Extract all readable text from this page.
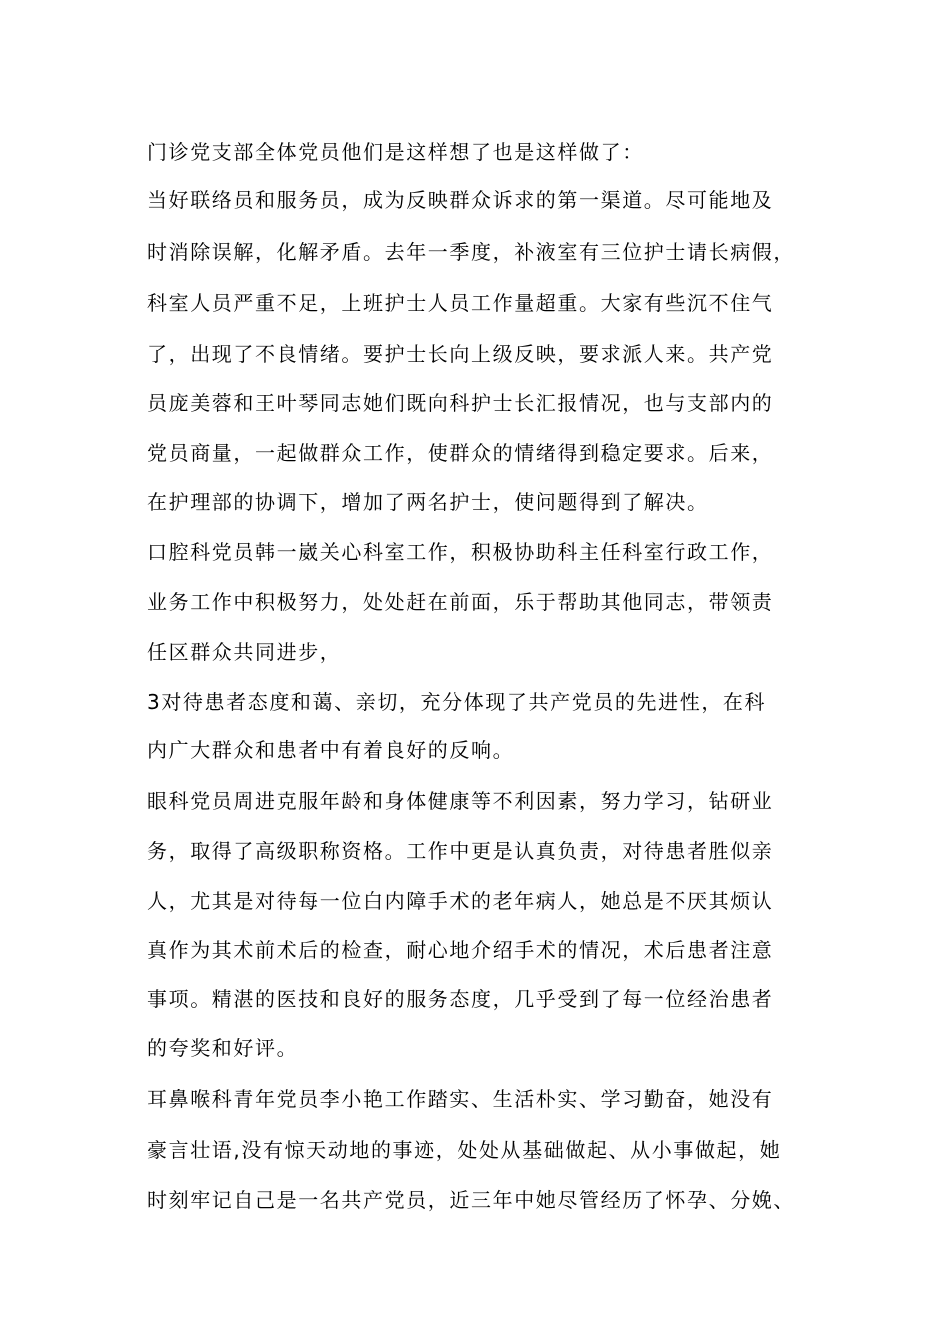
门诊党支部全体党员他们是这样想了也是这样做了：
当好联络员和服务员，成为反映群众诉求的第一渠道。尽可能地及
时消除误解，化解矛盾。去年一季度，补液室有三位护士请长病假，
科室人员严重不足，上班护士人员工作量超重。大家有些沉不住气
了，出现了不良情绪。要护士长向上级反映，要求派人来。共产党
员庞美蓉和王叶琴同志她们既向科护士长汇报情况，也与支部内的
党员商量，一起做群众工作，使群众的情绪得到稳定要求。后来，
在护理部的协调下，增加了两名护士，使问题得到了解决。
口腔科党员韩一崴关心科室工作，积极协助科主任科室行政工作，
业务工作中积极努力，处处赶在前面，乐于帮助其他同志，带领责
任区群众共同进步，
3对待患者态度和蔼、亲切，充分体现了共产党员的先进性，在科
内广大群众和患者中有着良好的反响。
眼科党员周进克服年龄和身体健康等不利因素，努力学习，钻研业
务，取得了高级职称资格。工作中更是认真负责，对待患者胜似亲
人，尤其是对待每一位白内障手术的老年病人，她总是不厌其烦认
真作为其术前术后的检查，耐心地介绍手术的情况，术后患者注意
事项。精湛的医技和良好的服务态度，几乎受到了每一位经治患者
的夸奖和好评。
耳鼻喉科青年党员李小艳工作踏实、生活朴实、学习勤奋，她没有
豪言壮语,没有惊天动地的事迹，处处从基础做起、从小事做起，她
时刻牢记自己是一名共产党员，近三年中她尽管经历了怀孕、分娩、
